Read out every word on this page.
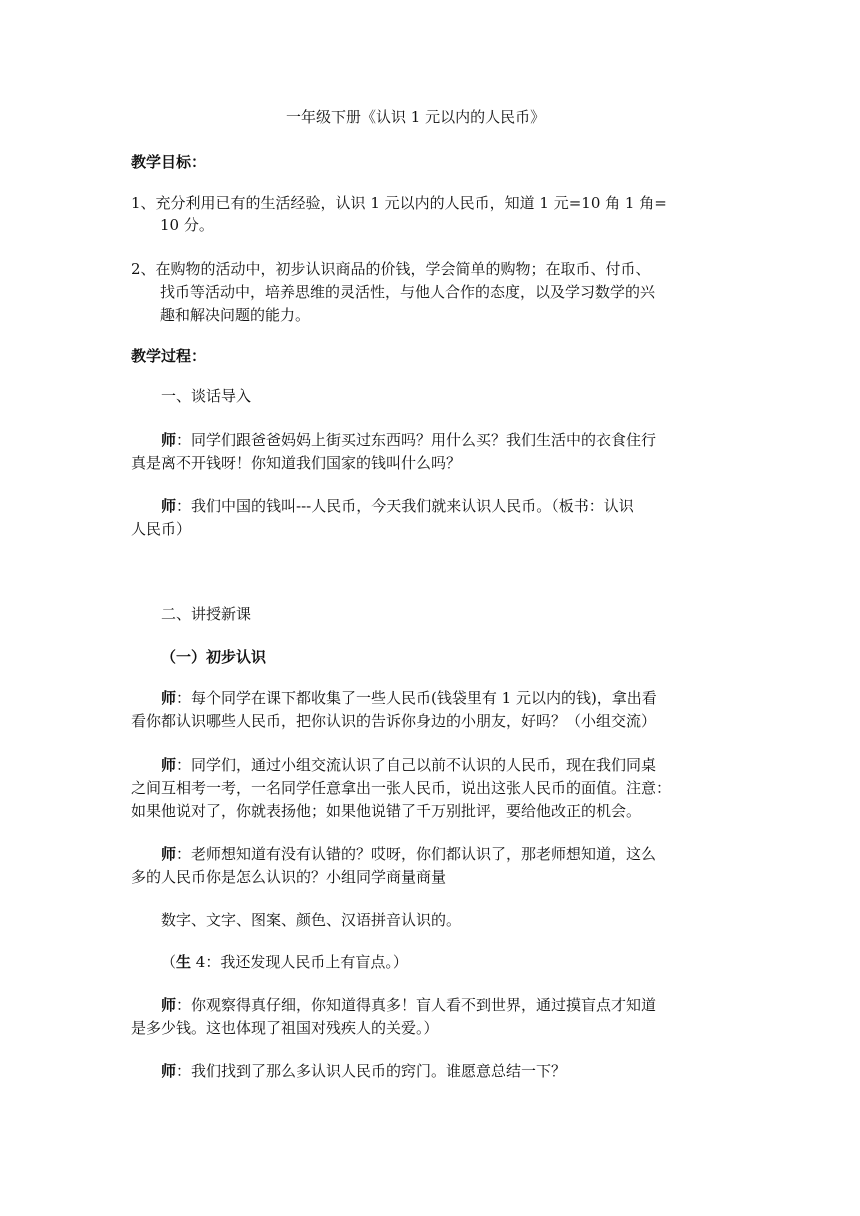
一年级下册《认识 1 元以内的人民币》
教学目标：
1、充分利用已有的生活经验，认识 1 元以内的人民币，知道 1 元=10 角 1 角=
10 分。
2、在购物的活动中，初步认识商品的价钱，学会简单的购物；在取币、付币、
找币等活动中，培养思维的灵活性，与他人合作的态度，以及学习数学的兴
趣和解决问题的能力。
教学过程：
一、谈话导入
师：同学们跟爸爸妈妈上街买过东西吗？用什么买？我们生活中的衣食住行
真是离不开钱呀！你知道我们国家的钱叫什么吗？
师：我们中国的钱叫---人民币，今天我们就来认识人民币。（板书：认识
人民币）
二、讲授新课
（一）初步认识
师：每个同学在课下都收集了一些人民币(钱袋里有 1 元以内的钱)，拿出看
看你都认识哪些人民币，把你认识的告诉你身边的小朋友，好吗？（小组交流）
师：同学们，通过小组交流认识了自己以前不认识的人民币，现在我们同桌
之间互相考一考，一名同学任意拿出一张人民币，说出这张人民币的面值。注意：
如果他说对了，你就表扬他；如果他说错了千万别批评，要给他改正的机会。
师：老师想知道有没有认错的？哎呀，你们都认识了，那老师想知道，这么
多的人民币你是怎么认识的？小组同学商量商量
数字、文字、图案、颜色、汉语拼音认识的。
（生 4：我还发现人民币上有盲点。）
师：你观察得真仔细，你知道得真多！盲人看不到世界，通过摸盲点才知道
是多少钱。这也体现了祖国对残疾人的关爱。）
师：我们找到了那么多认识人民币的窍门。谁愿意总结一下？
